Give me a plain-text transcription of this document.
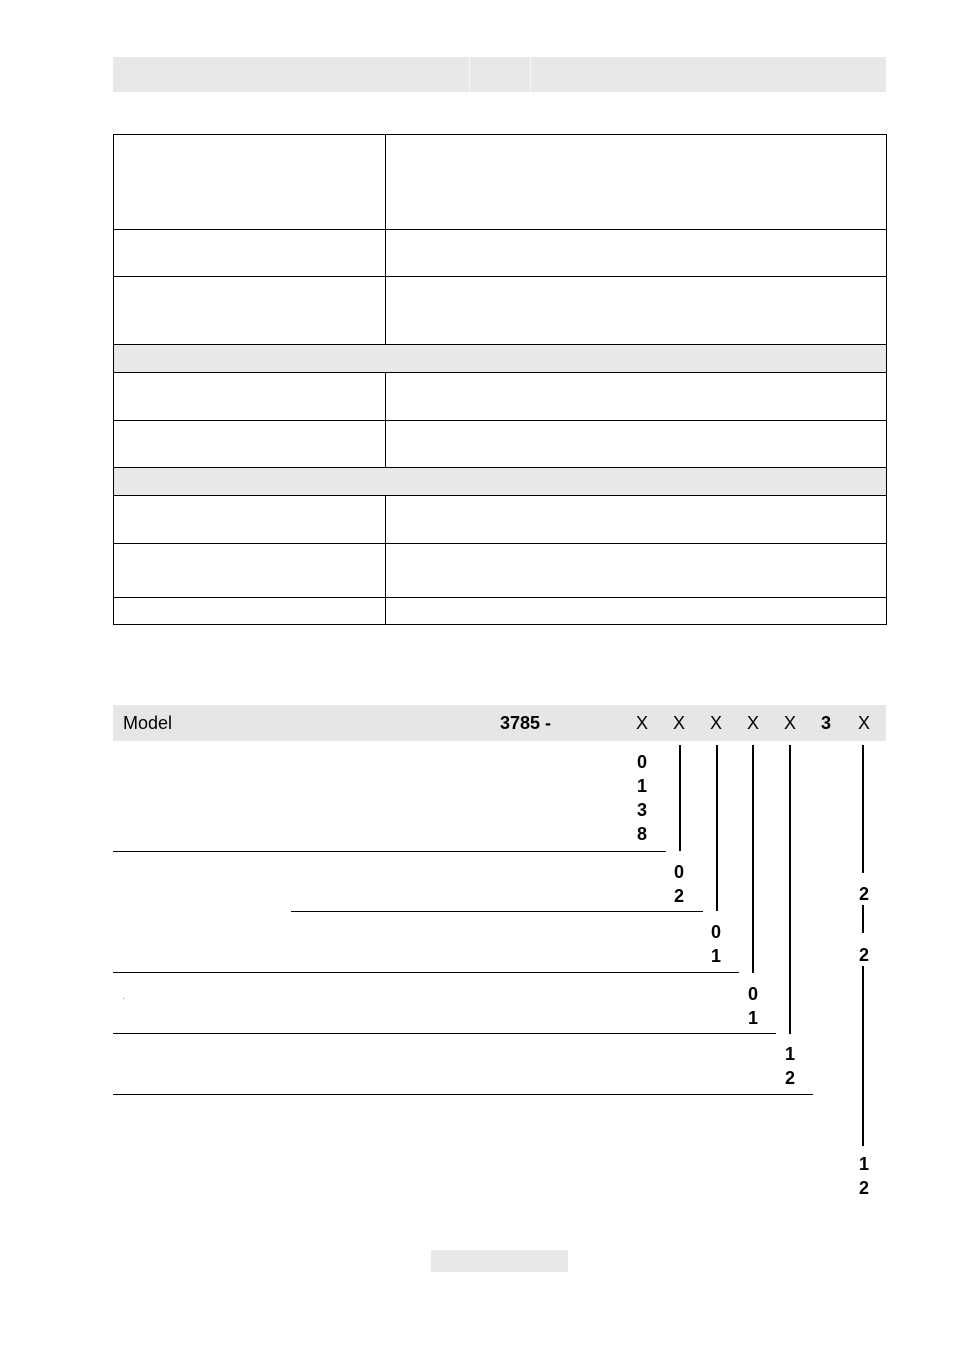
Model	3785 -	X X X X X 3 X
0
1
3
8
0
2
0
1
0
1
1
2
2
2
1
2
